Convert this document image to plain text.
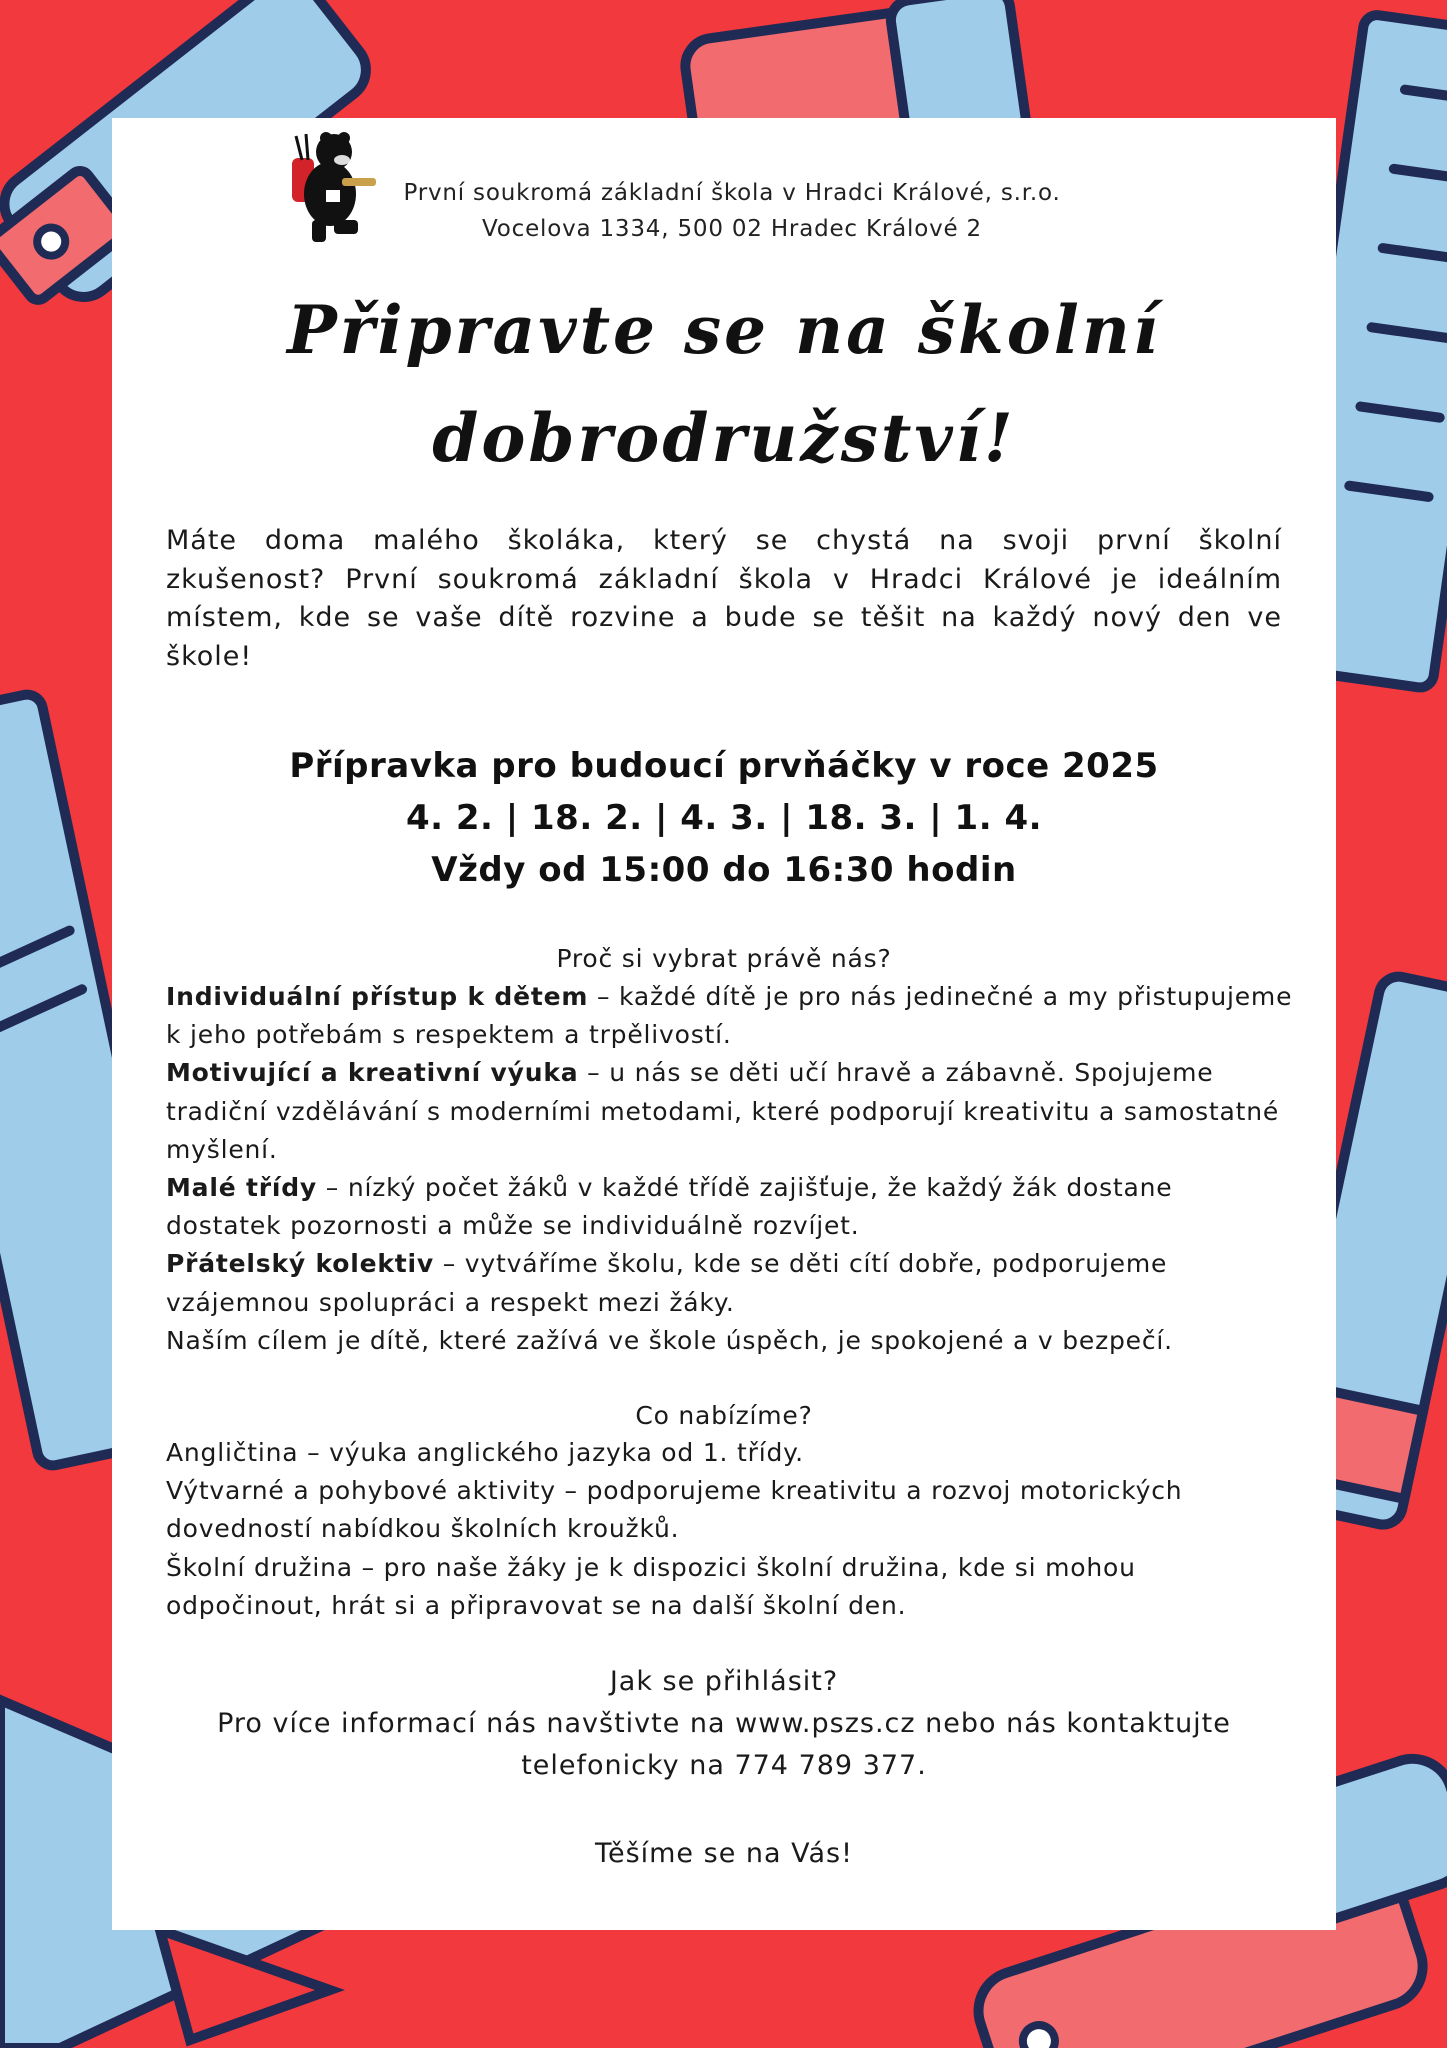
První soukromá základní škola v Hradci Králové, s.r.o.
Vocelova 1334, 500 02 Hradec Králové 2
Připravte se na školní
dobrodružství!
Máte doma malého školáka, který se chystá na svoji první školní zkušenost? První soukromá základní škola v Hradci Králové je ideálním místem, kde se vaše dítě rozvine a bude se těšit na každý nový den ve škole!
Přípravka pro budoucí prvňáčky v roce 2025
4. 2. | 18. 2. | 4. 3. | 18. 3. | 1. 4.
Vždy od 15:00 do 16:30 hodin
Proč si vybrat právě nás?

Individuální přístup k dětem – každé dítě je pro nás jedinečné a my přistupujeme k jeho potřebám s respektem a trpělivostí.

Motivující a kreativní výuka – u nás se děti učí hravě a zábavně. Spojujeme tradiční vzdělávání s moderními metodami, které podporují kreativitu a samostatné myšlení.

Malé třídy – nízký počet žáků v každé třídě zajišťuje, že každý žák dostane dostatek pozornosti a může se individuálně rozvíjet.

Přátelský kolektiv – vytváříme školu, kde se děti cítí dobře, podporujeme vzájemnou spolupráci a respekt mezi žáky.

Naším cílem je dítě, které zažívá ve škole úspěch, je spokojené a v bezpečí.

Co nabízíme?

Angličtina – výuka anglického jazyka od 1. třídy.

Výtvarné a pohybové aktivity – podporujeme kreativitu a rozvoj motorických dovedností nabídkou školních kroužků.

Školní družina – pro naše žáky je k dispozici školní družina, kde si mohou odpočinout, hrát si a připravovat se na další školní den.

Jak se přihlásit?
Pro více informací nás navštivte na www.pszs.cz nebo nás kontaktujte
telefonicky na 774 789 377.
Těšíme se na Vás!
